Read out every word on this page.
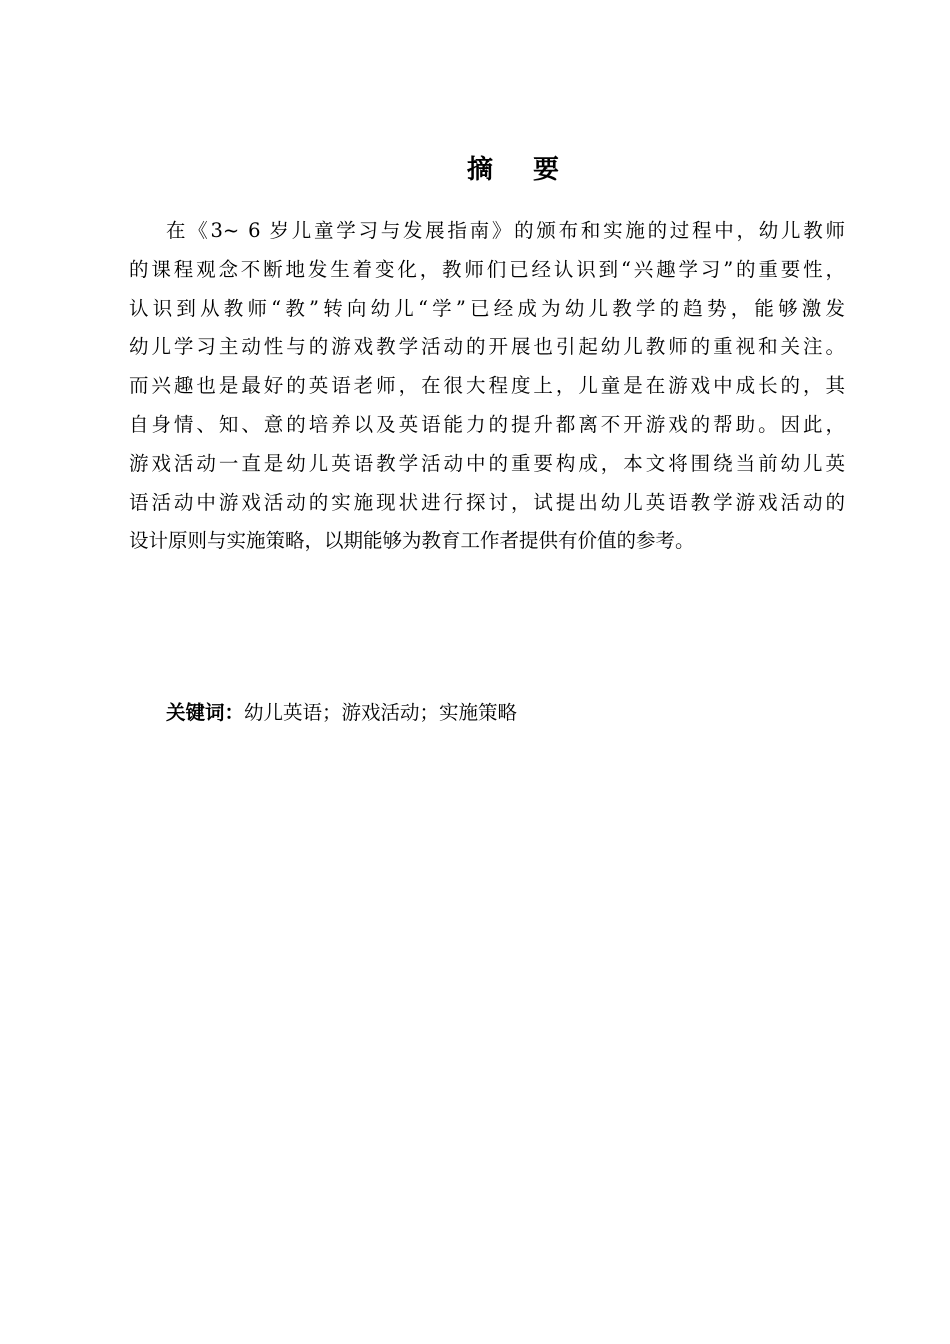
摘 要
在《3~ 6 岁儿童学习与发展指南》的颁布和实施的过程中，幼儿教师
的课程观念不断地发生着变化，教师们已经认识到“兴趣学习”的重要性，
认识到从教师“教”转向幼儿“学”已经成为幼儿教学的趋势，能够激发
幼儿学习主动性与的游戏教学活动的开展也引起幼儿教师的重视和关注。
而兴趣也是最好的英语老师，在很大程度上，儿童是在游戏中成长的，其
自身情、知、意的培养以及英语能力的提升都离不开游戏的帮助。因此，
游戏活动一直是幼儿英语教学活动中的重要构成，本文将围绕当前幼儿英
语活动中游戏活动的实施现状进行探讨，试提出幼儿英语教学游戏活动的
设计原则与实施策略，以期能够为教育工作者提供有价值的参考。
关键词：幼儿英语；游戏活动；实施策略
